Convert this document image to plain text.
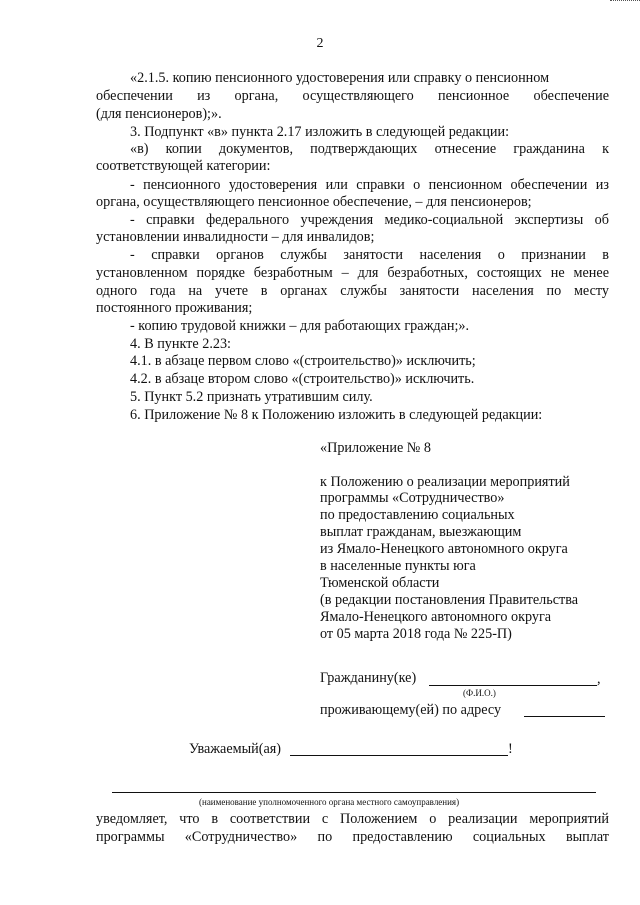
2
«2.1.5. копию пенсионного удостоверения или справку о пенсионном
обеспечении из органа, осуществляющего пенсионное обеспечение
(для пенсионеров);».
3. Подпункт «в» пункта 2.17 изложить в следующей редакции:
«в) копии документов, подтверждающих отнесение гражданина к
соответствующей категории:
- пенсионного удостоверения или справки о пенсионном обеспечении из
органа, осуществляющего пенсионное обеспечение, – для пенсионеров;
- справки федерального учреждения медико-социальной экспертизы об
установлении инвалидности – для инвалидов;
- справки органов службы занятости населения о признании в
установленном порядке безработным – для безработных, состоящих не менее
одного года на учете в органах службы занятости населения по месту
постоянного проживания;
- копию трудовой книжки – для работающих граждан;».
4. В пункте 2.23:
4.1. в абзаце первом слово «(строительство)» исключить;
4.2. в абзаце втором слово «(строительство)» исключить.
5. Пункт 5.2 признать утратившим силу.
6. Приложение № 8 к Положению изложить в следующей редакции:
«Приложение № 8
к Положению о реализации мероприятий
программы «Сотрудничество»
по предоставлению социальных
выплат гражданам, выезжающим
из Ямало-Ненецкого автономного округа
в населенные пункты юга
Тюменской области
(в редакции постановления Правительства
Ямало-Ненецкого автономного округа
от 05 марта 2018 года № 225-П)
Гражданину(ке)	,
(Ф.И.О.)
проживающему(ей) по адресу
Уважаемый(ая)	!
(наименование уполномоченного органа местного самоуправления)
уведомляет, что в соответствии с Положением о реализации мероприятий
программы «Сотрудничество» по предоставлению социальных выплат
